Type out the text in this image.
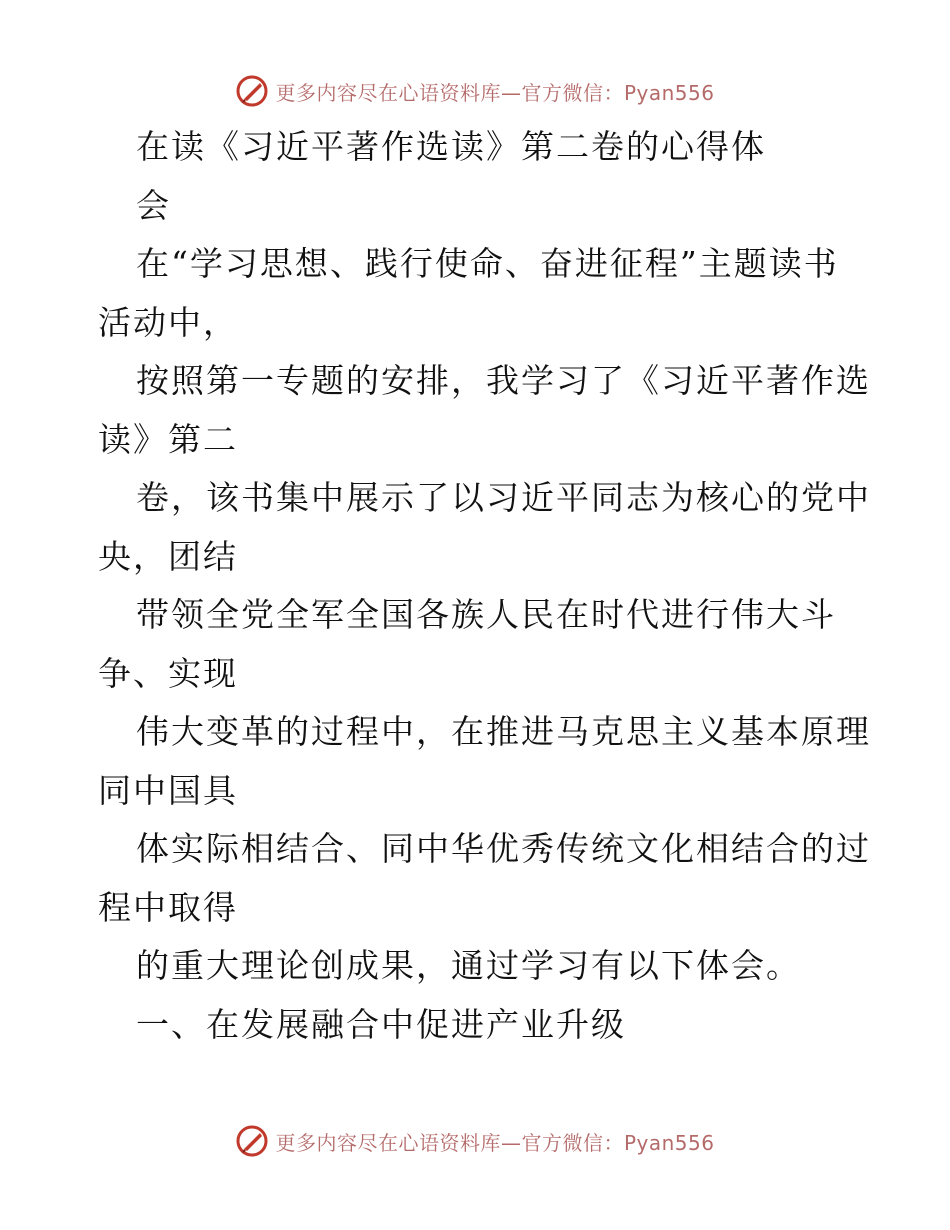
更多内容尽在心语资料库—官方微信：Pyan556
在读《习近平著作选读》第二卷的心得体
会
在“学习思想、践行使命、奋进征程”主题读书
活动中，
按照第一专题的安排，我学习了《习近平著作选
读》第二
卷，该书集中展示了以习近平同志为核心的党中
央，团结
带领全党全军全国各族人民在时代进行伟大斗
争、实现
伟大变革的过程中，在推进马克思主义基本原理
同中国具
体实际相结合、同中华优秀传统文化相结合的过
程中取得
的重大理论创成果，通过学习有以下体会。
一、在发展融合中促进产业升级
更多内容尽在心语资料库—官方微信：Pyan556
